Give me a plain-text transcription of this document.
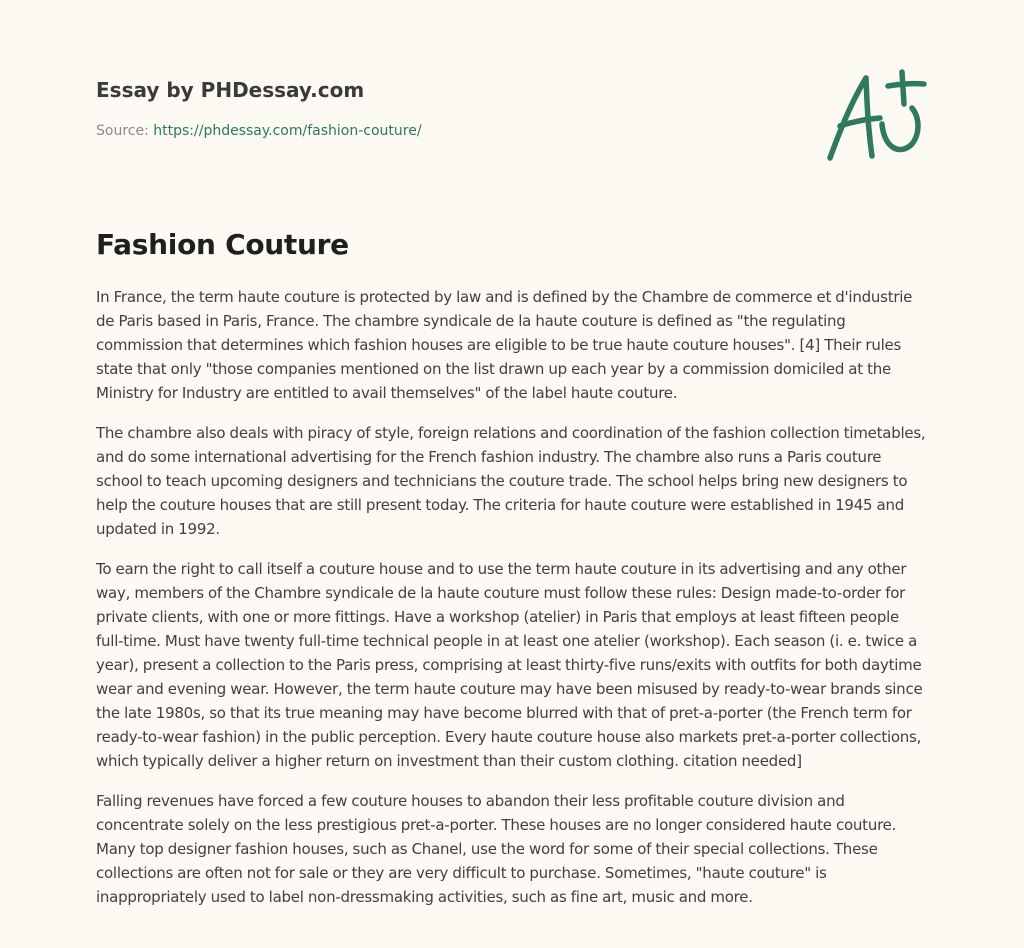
Essay by PHDessay.com
Source: https://phdessay.com/fashion-couture/
Fashion Couture

In France, the term haute couture is protected by law and is defined by the Chambre de commerce et d'industrie de Paris based in Paris, France. The chambre syndicale de la haute couture is defined as "the regulating commission that determines which fashion houses are eligible to be true haute couture houses". [4] Their rules state that only "those companies mentioned on the list drawn up each year by a commission domiciled at the Ministry for Industry are entitled to avail themselves" of the label haute couture.

The chambre also deals with piracy of style, foreign relations and coordination of the fashion collection timetables, and do some international advertising for the French fashion industry. The chambre also runs a Paris couture school to teach upcoming designers and technicians the couture trade. The school helps bring new designers to help the couture houses that are still present today. The criteria for haute couture were established in 1945 and updated in 1992.

To earn the right to call itself a couture house and to use the term haute couture in its advertising and any other way, members of the Chambre syndicale de la haute couture must follow these rules: Design made-to-order for private clients, with one or more fittings. Have a workshop (atelier) in Paris that employs at least fifteen people full-time. Must have twenty full-time technical people in at least one atelier (workshop). Each season (i. e. twice a year), present a collection to the Paris press, comprising at least thirty-five runs/exits with outfits for both daytime wear and evening wear. However, the term haute couture may have been misused by ready-to-wear brands since the late 1980s, so that its true meaning may have become blurred with that of pret-a-porter (the French term for ready-to-wear fashion) in the public perception. Every haute couture house also markets pret-a-porter collections, which typically deliver a higher return on investment than their custom clothing. citation needed]

Falling revenues have forced a few couture houses to abandon their less profitable couture division and concentrate solely on the less prestigious pret-a-porter. These houses are no longer considered haute couture. Many top designer fashion houses, such as Chanel, use the word for some of their special collections. These collections are often not for sale or they are very difficult to purchase. Sometimes, "haute couture" is inappropriately used to label non-dressmaking activities, such as fine art, music and more.
